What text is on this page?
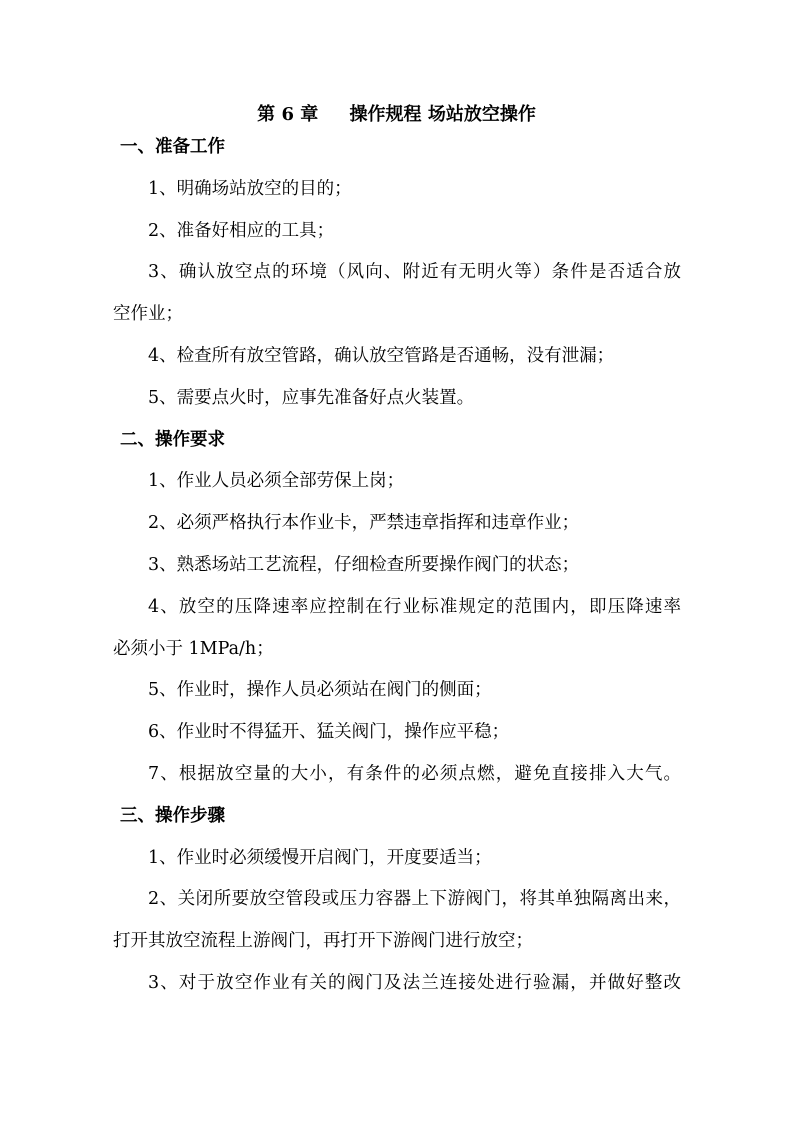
第 6 章     操作规程 场站放空操作
一、准备工作
1、明确场站放空的目的；
2、准备好相应的工具；
3、确认放空点的环境（风向、附近有无明火等）条件是否适合放
空作业；
4、检查所有放空管路，确认放空管路是否通畅，没有泄漏；
5、需要点火时，应事先准备好点火装置。
二、操作要求
1、作业人员必须全部劳保上岗；
2、必须严格执行本作业卡，严禁违章指挥和违章作业；
3、熟悉场站工艺流程，仔细检查所要操作阀门的状态；
4、放空的压降速率应控制在行业标准规定的范围内，即压降速率
必须小于 1MPa/h；
5、作业时，操作人员必须站在阀门的侧面；
6、作业时不得猛开、猛关阀门，操作应平稳；
7、根据放空量的大小，有条件的必须点燃，避免直接排入大气。
三、操作步骤
1、作业时必须缓慢开启阀门，开度要适当；
2、关闭所要放空管段或压力容器上下游阀门，将其单独隔离出来，
打开其放空流程上游阀门，再打开下游阀门进行放空；
3、对于放空作业有关的阀门及法兰连接处进行验漏，并做好整改
